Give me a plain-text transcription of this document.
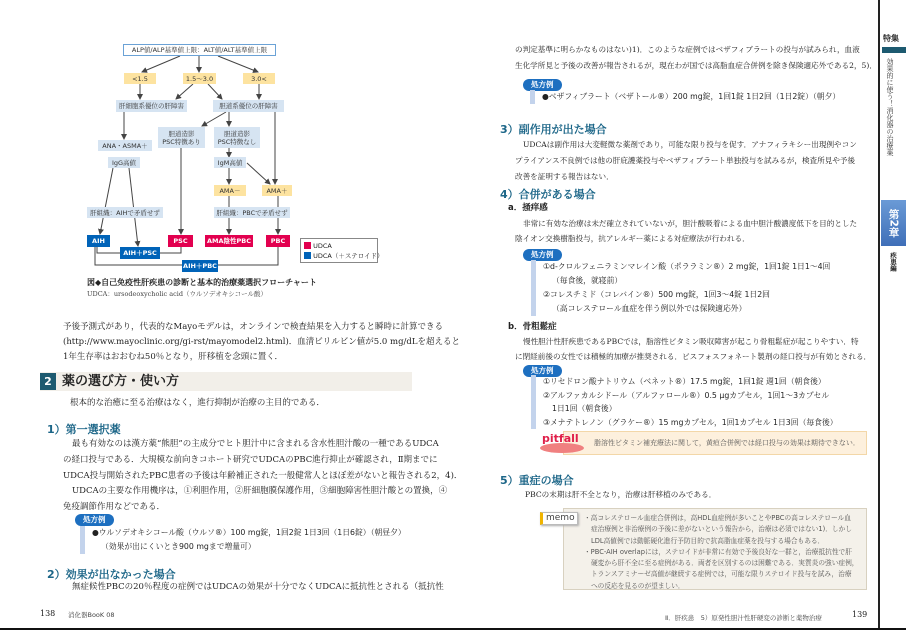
ALP値/ALP基準値上限：ALT値/ALT基準値上限
<1.5	1.5～3.0	3.0<
肝細胞系優位の肝障害	胆道系優位の肝障害
胆道造影
PSC特徴あり
胆道造影
PSC特徴なし
ANA・ASMA＋
IgG高値	IgM高値
AMA－	AMA＋
肝組織：AIHで矛盾せず	肝組織：PBCで矛盾せず
AIH
AIH＋PSC
PSC	AMA陰性PBC	PBC
AIH＋PBC
UDCA
UDCA（＋ステロイド）
図◆自己免疫性肝疾患の診断と基本的治療薬選択フローチャート
UDCA：ursodeoxycholic acid（ウルソデオキシコール酸）
予後予測式があり，代表的なMayoモデルは，オンラインで検査結果を入力すると瞬時に計算できる
(http://www.mayoclinic.org/gi-rst/mayomodel2.html)．血清ビリルビン値が5.0 mg/dLを超えると
1年生存率はおおむね50％となり，肝移植を念頭に置く．
2 薬の選び方・使い方
根本的な治癒に至る治療はなく，進行抑制が治療の主目的である．
1）第一選択薬
最も有効なのは漢方薬“熊胆”の主成分でヒト胆汁中に含まれる含水性胆汁酸の一種であるUDCA
の経口投与である．大規模な前向きコホート研究でUDCAのPBC進行抑止が確認され，Ⅱ期までに
UDCA投与開始されたPBC患者の予後は年齢補正された一般健常人とほぼ差がないと報告される2，4)．
UDCAの主要な作用機序は，①利胆作用，②肝細胞膜保護作用，③細胞障害性胆汁酸との置換，④
免疫調節作用などである．
処方例
●ウルソデオキシコール酸（ウルソ®）100 mg錠，1回2錠 1日3回（1日6錠）（朝昼夕）
（効果が出にくいとき900 mgまで増量可）
2）効果が出なかった場合
無症候性PBCの20％程度の症例ではUDCAの効果が十分でなくUDCAに抵抗性とされる（抵抗性
138 消化器BooK 08
の判定基準に明らかなものはない)1)．このような症例ではベザフィブラートの投与が試みられ，血液
生化学所見と予後の改善が報告されるが，現在わが国では高脂血症合併例を除き保険適応外である2，5)．
処方例
●ベザフィブラート（ベザトール®）200 mg錠，1回1錠 1日2回（1日2錠）（朝夕）
3）副作用が出た場合
UDCAは副作用は大変軽微な薬剤であり，可能な限り投与を促す．アナフィラキシー出現例やコン
プライアンス不良例では他の肝庇護薬投与やベザフィブラート単独投与を試みるが，検査所見や予後
改善を証明する報告はない．
4）合併がある場合
a．掻痒感
非常に有効な治療は未だ確立されていないが，胆汁酸吸着による血中胆汁酸濃度低下を目的とした
陰イオン交換樹脂投与，抗アレルギー薬による対症療法が行われる．
処方例
①d-クロルフェニラミンマレイン酸（ポララミン®）2 mg錠，1回1錠 1日1～4回
（毎食後，就寝前）
②コレスチミド（コレバイン®）500 mg錠，1回3～4錠 1日2回
（高コレステロール血症を伴う例以外では保険適応外）
b．骨粗鬆症
慢性胆汁性肝疾患であるPBCでは，脂溶性ビタミン吸収障害が起こり骨粗鬆症が起こりやすい．特
に閉経前後の女性では積極的加療が推奨される．ビスフォスフォネート製剤の経口投与が有効とされる．
処方例
①リセドロン酸ナトリウム（ベネット®）17.5 mg錠，1回1錠 週1回（朝食後）
②アルファカルシドール（アルファロール®）0.5 μgカプセル，1回1～3カプセル
1日1回（朝食後）
③メナテトレノン（グラケー®）15 mgカプセル，1回1カプセル 1日3回（毎食後）
脂溶性ビタミン補充療法に関して，黄疸合併例では経口投与の効果は期待できない．
pitfall
5）重症の場合
PBCの末期は肝不全となり，治療は肝移植のみである．
・高コレステロール血症合併例は，高HDL血症例が多いことやPBCの高コレステロール血
症治療例と非治療例の予後に差がないという報告から，治療は必須ではない1)．しかし
LDL高値例では動脈硬化進行予防目的で抗高脂血症薬を投与する場合もある．
・PBC-AIH overlapには，ステロイドが非常に有効で予後良好な一群と，治療抵抗性で肝
硬変から肝不全に至る症例がある．両者を区別するのは困難である．実質炎の強い症例，
トランスアミナーゼ高値が継続する症例では，可能な限りステロイド投与を試み，治療
への反応を見るのが望ましい．
memo
Ⅱ．肝疾患　5）原発性胆汁性肝硬変の診断と薬物治療	139
特集
効果的に使う！消化器の治療薬
第2章
疾患編
